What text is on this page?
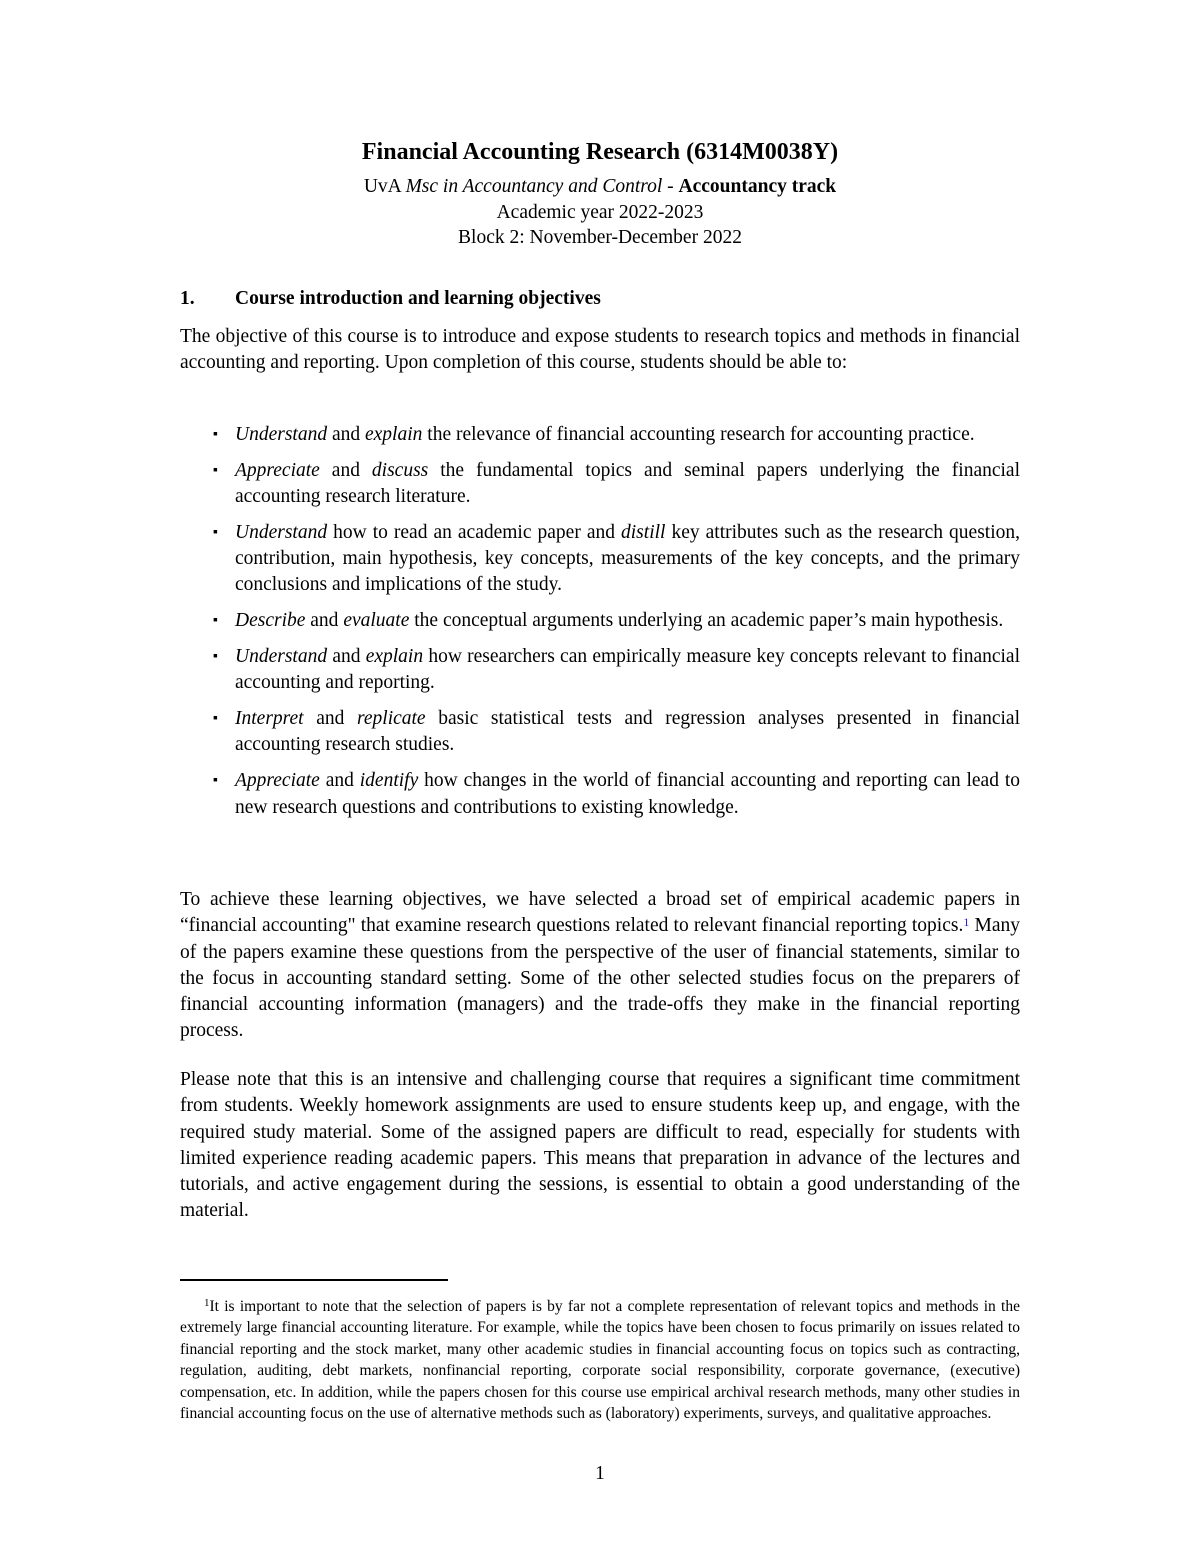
Financial Accounting Research (6314M0038Y)
UvA Msc in Accountancy and Control - Accountancy track
Academic year 2022-2023
Block 2: November-December 2022
1. Course introduction and learning objectives

The objective of this course is to introduce and expose students to research topics and methods in financial accounting and reporting. Upon completion of this course, students should be able to:

▪ Understand and explain the relevance of financial accounting research for accounting practice.
▪ Appreciate and discuss the fundamental topics and seminal papers underlying the financial accounting research literature.
▪ Understand how to read an academic paper and distill key attributes such as the research question, contribution, main hypothesis, key concepts, measurements of the key concepts, and the primary conclusions and implications of the study.
▪ Describe and evaluate the conceptual arguments underlying an academic paper’s main hypothesis.
▪ Understand and explain how researchers can empirically measure key concepts relevant to financial accounting and reporting.
▪ Interpret and replicate basic statistical tests and regression analyses presented in financial accounting research studies.
▪ Appreciate and identify how changes in the world of financial accounting and reporting can lead to new research questions and contributions to existing knowledge.

To achieve these learning objectives, we have selected a broad set of empirical academic papers in “financial accounting" that examine research questions related to relevant financial reporting topics.$^1$ Many of the papers examine these questions from the perspective of the user of financial statements, similar to the focus in accounting standard setting. Some of the other selected studies focus on the preparers of financial accounting information (managers) and the trade-offs they make in the financial reporting process.

Please note that this is an intensive and challenging course that requires a significant time commitment from students. Weekly homework assignments are used to ensure students keep up, and engage, with the required study material. Some of the assigned papers are difficult to read, especially for students with limited experience reading academic papers. This means that preparation in advance of the lectures and tutorials, and active engagement during the sessions, is essential to obtain a good understanding of the material.

$^1$It is important to note that the selection of papers is by far not a complete representation of relevant topics and methods in the extremely large financial accounting literature. For example, while the topics have been chosen to focus primarily on issues related to financial reporting and the stock market, many other academic studies in financial accounting focus on topics such as contracting, regulation, auditing, debt markets, nonfinancial reporting, corporate social responsibility, corporate governance, (executive) compensation, etc. In addition, while the papers chosen for this course use empirical archival research methods, many other studies in financial accounting focus on the use of alternative methods such as (laboratory) experiments, surveys, and qualitative approaches.

1
